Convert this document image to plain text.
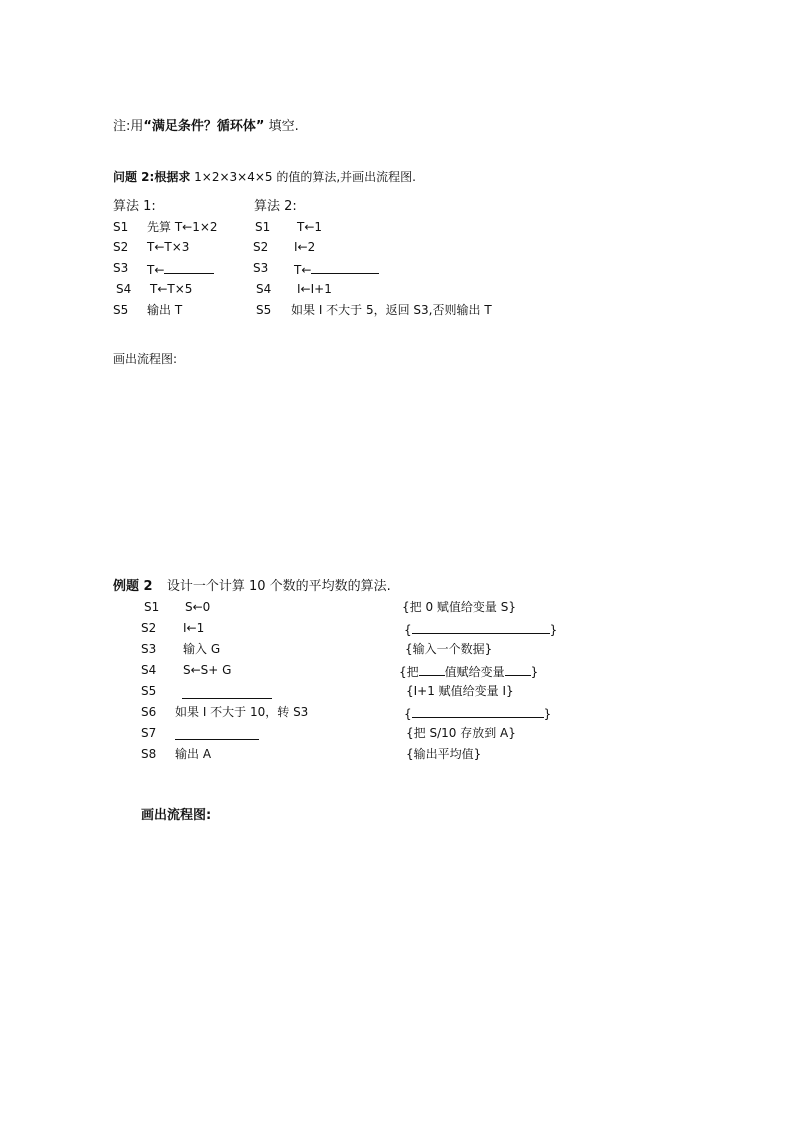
注:用“满足条件？循环体” 填空.
问题 2:根据求 1×2×3×4×5 的值的算法,并画出流程图.
算法 1:
S1 先算 T←1×2
S2 T←T×3
S3 T←
S4 T←T×5
S5 输出 T
算法 2:
S1 T←1
S2 I←2
S3 T←
S4 I←I+1
S5 如果 I 不大于 5，返回 S3,否则输出 T
画出流程图:
例题 2 设计一个计算 10 个数的平均数的算法.
S1 S←0	{把 0 赋值给变量 S}
S2 I←1	{	}
S3 输入 G	{输入一个数据}
S4 S←S+ G	{把 值赋给变量 }
S5	{I+1 赋值给变量 I}
S6 如果 I 不大于 10，转 S3	{	}
S7	{把 S/10 存放到 A}
S8 输出 A	{输出平均值}
画出流程图:
